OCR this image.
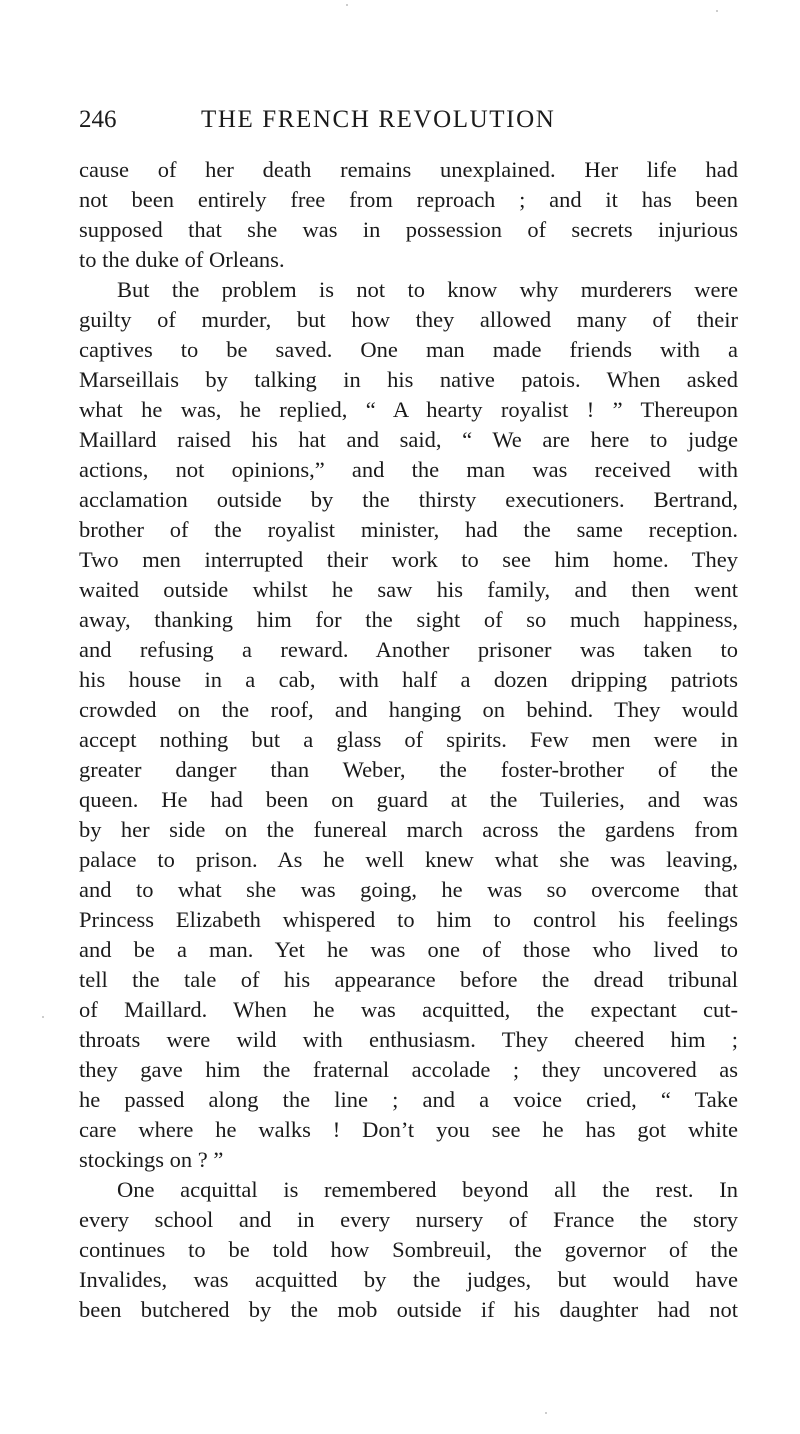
246	THE FRENCH REVOLUTION
cause of her death remains unexplained. Her life had
not been entirely free from reproach ; and it has been
supposed that she was in possession of secrets injurious
to the duke of Orleans.
But the problem is not to know why murderers were
guilty of murder, but how they allowed many of their
captives to be saved. One man made friends with a
Marseillais by talking in his native patois. When asked
what he was, he replied, “ A hearty royalist ! ” Thereupon
Maillard raised his hat and said, “ We are here to judge
actions, not opinions,” and the man was received with
acclamation outside by the thirsty executioners. Bertrand,
brother of the royalist minister, had the same reception.
Two men interrupted their work to see him home. They
waited outside whilst he saw his family, and then went
away, thanking him for the sight of so much happiness,
and refusing a reward. Another prisoner was taken to
his house in a cab, with half a dozen dripping patriots
crowded on the roof, and hanging on behind. They would
accept nothing but a glass of spirits. Few men were in
greater danger than Weber, the foster-brother of the
queen. He had been on guard at the Tuileries, and was
by her side on the funereal march across the gardens from
palace to prison. As he well knew what she was leaving,
and to what she was going, he was so overcome that
Princess Elizabeth whispered to him to control his feelings
and be a man. Yet he was one of those who lived to
tell the tale of his appearance before the dread tribunal
of Maillard. When he was acquitted, the expectant cut-
throats were wild with enthusiasm. They cheered him ;
they gave him the fraternal accolade ; they uncovered as
he passed along the line ; and a voice cried, “ Take
care where he walks ! Don’t you see he has got white
stockings on ? ”
One acquittal is remembered beyond all the rest. In
every school and in every nursery of France the story
continues to be told how Sombreuil, the governor of the
Invalides, was acquitted by the judges, but would have
been butchered by the mob outside if his daughter had not
